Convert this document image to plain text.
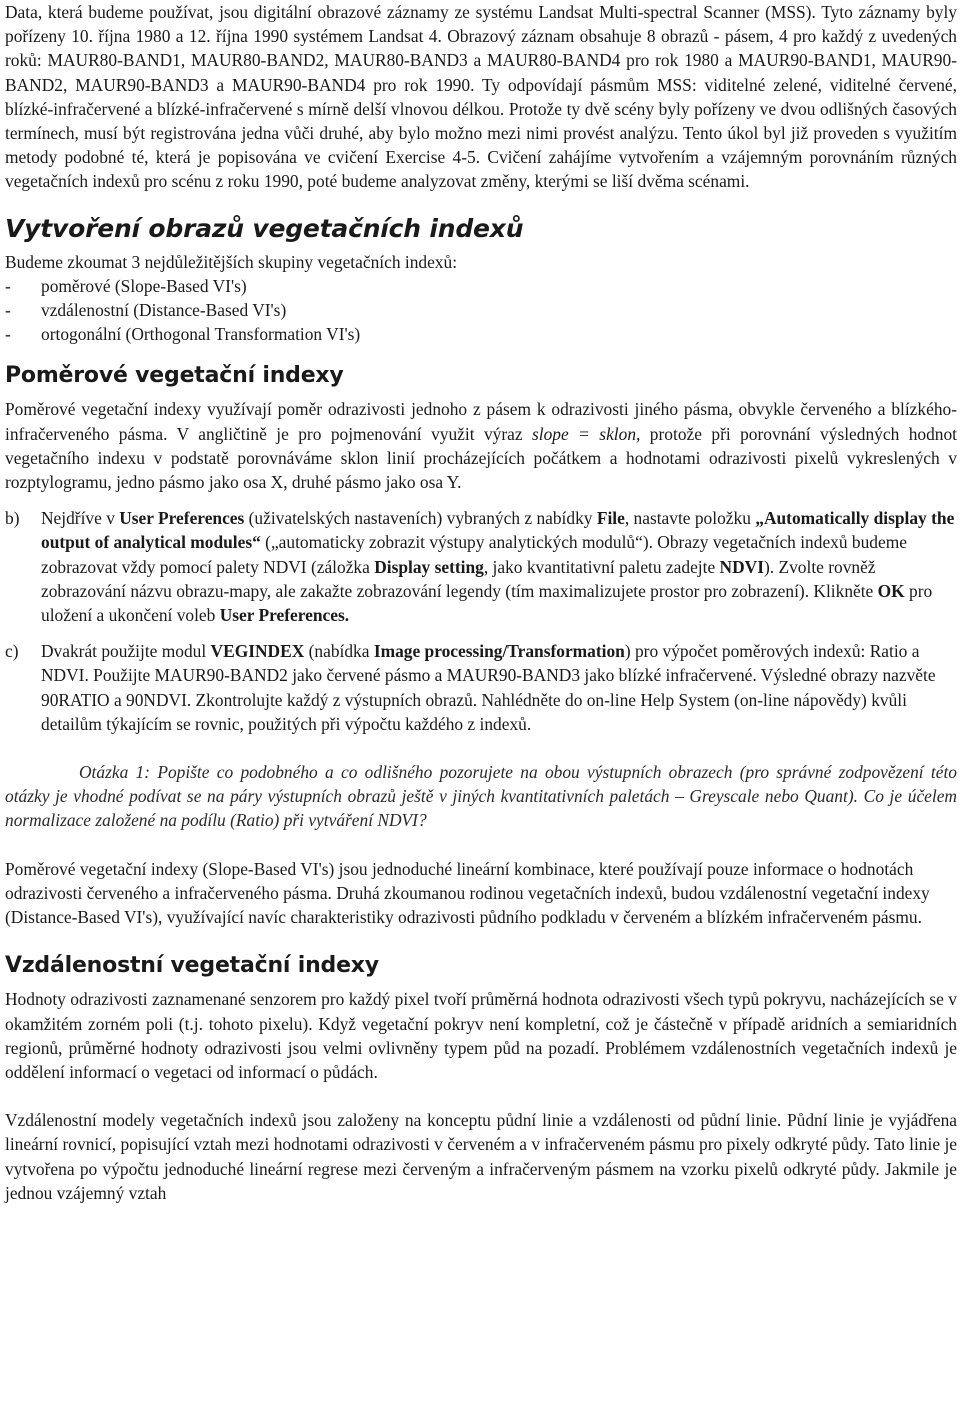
Data, která budeme používat, jsou digitální obrazové záznamy ze systému Landsat Multi-spectral Scanner (MSS). Tyto záznamy byly pořízeny 10. října 1980 a 12. října 1990 systémem Landsat 4. Obrazový záznam obsahuje 8 obrazů - pásem, 4 pro každý z uvedených roků: MAUR80-BAND1, MAUR80-BAND2, MAUR80-BAND3 a MAUR80-BAND4 pro rok 1980 a MAUR90-BAND1, MAUR90-BAND2, MAUR90-BAND3 a MAUR90-BAND4 pro rok 1990. Ty odpovídají pásmům MSS: viditelné zelené, viditelné červené, blízké-infračervené a blízké-infračervené s mírně delší vlnovou délkou. Protože ty dvě scény byly pořízeny ve dvou odlišných časových termínech, musí být registrována jedna vůči druhé, aby bylo možno mezi nimi provést analýzu. Tento úkol byl již proveden s využitím metody podobné té, která je popisována ve cvičení Exercise 4-5. Cvičení zahájíme vytvořením a vzájemným porovnáním různých vegetačních indexů pro scénu z roku 1990, poté budeme analyzovat změny, kterými se liší dvěma scénami.

Vytvoření obrazů vegetačních indexů

Budeme zkoumat 3 nejdůležitějších skupiny vegetačních indexů:

- poměrové (Slope-Based VI's)

- vzdálenostní (Distance-Based VI's)

- ortogonální (Orthogonal Transformation VI's)

Poměrové vegetační indexy

Poměrové vegetační indexy využívají poměr odrazivosti jednoho z pásem k odrazivosti jiného pásma, obvykle červeného a blízkého-infračerveného pásma. V angličtině je pro pojmenování využit výraz slope = sklon, protože při porovnání výsledných hodnot vegetačního indexu v podstatě porovnáváme sklon linií procházejících počátkem a hodnotami odrazivosti pixelů vykreslených v rozptylogramu, jedno pásmo jako osa X, druhé pásmo jako osa Y.

b) Nejdříve v User Preferences (uživatelských nastaveních) vybraných z nabídky File, nastavte položku „Automatically display the output of analytical modules“ („automaticky zobrazit výstupy analytických modulů“). Obrazy vegetačních indexů budeme zobrazovat vždy pomocí palety NDVI (záložka Display setting, jako kvantitativní paletu zadejte NDVI). Zvolte rovněž zobrazování názvu obrazu-mapy, ale zakažte zobrazování legendy (tím maximalizujete prostor pro zobrazení). Klikněte OK pro uložení a ukončení voleb User Preferences.

c) Dvakrát použijte modul VEGINDEX (nabídka Image processing/Transformation) pro výpočet poměrových indexů: Ratio a NDVI. Použijte MAUR90-BAND2 jako červené pásmo a MAUR90-BAND3 jako blízké infračervené. Výsledné obrazy nazvěte 90RATIO a 90NDVI. Zkontrolujte každý z výstupních obrazů. Nahlédněte do on-line Help System (on-line nápovědy) kvůli detailům týkajícím se rovnic, použitých při výpočtu každého z indexů.

Otázka 1: Popište co podobného a co odlišného pozorujete na obou výstupních obrazech (pro správné zodpovězení této otázky je vhodné podívat se na páry výstupních obrazů ještě v jiných kvantitativních paletách – Greyscale nebo Quant). Co je účelem normalizace založené na podílu (Ratio) při vytváření NDVI?

Poměrové vegetační indexy (Slope-Based VI's) jsou jednoduché lineární kombinace, které používají pouze informace o hodnotách odrazivosti červeného a infračerveného pásma. Druhá zkoumanou rodinou vegetačních indexů, budou vzdálenostní vegetační indexy (Distance-Based VI's), využívající navíc charakteristiky odrazivosti půdního podkladu v červeném a blízkém infračerveném pásmu.

Vzdálenostní vegetační indexy

Hodnoty odrazivosti zaznamenané senzorem pro každý pixel tvoří průměrná hodnota odrazivosti všech typů pokryvu, nacházejících se v okamžitém zorném poli (t.j. tohoto pixelu). Když vegetační pokryv není kompletní, což je částečně v případě aridních a semiaridních regionů, průměrné hodnoty odrazivosti jsou velmi ovlivněny typem půd na pozadí. Problémem vzdálenostních vegetačních indexů je oddělení informací o vegetaci od informací o půdách.

Vzdálenostní modely vegetačních indexů jsou založeny na konceptu půdní linie a vzdálenosti od půdní linie. Půdní linie je vyjádřena lineární rovnicí, popisující vztah mezi hodnotami odrazivosti v červeném a v infračerveném pásmu pro pixely odkryté půdy. Tato linie je vytvořena po výpočtu jednoduché lineární regrese mezi červeným a infračerveným pásmem na vzorku pixelů odkryté půdy. Jakmile je jednou vzájemný vztah
